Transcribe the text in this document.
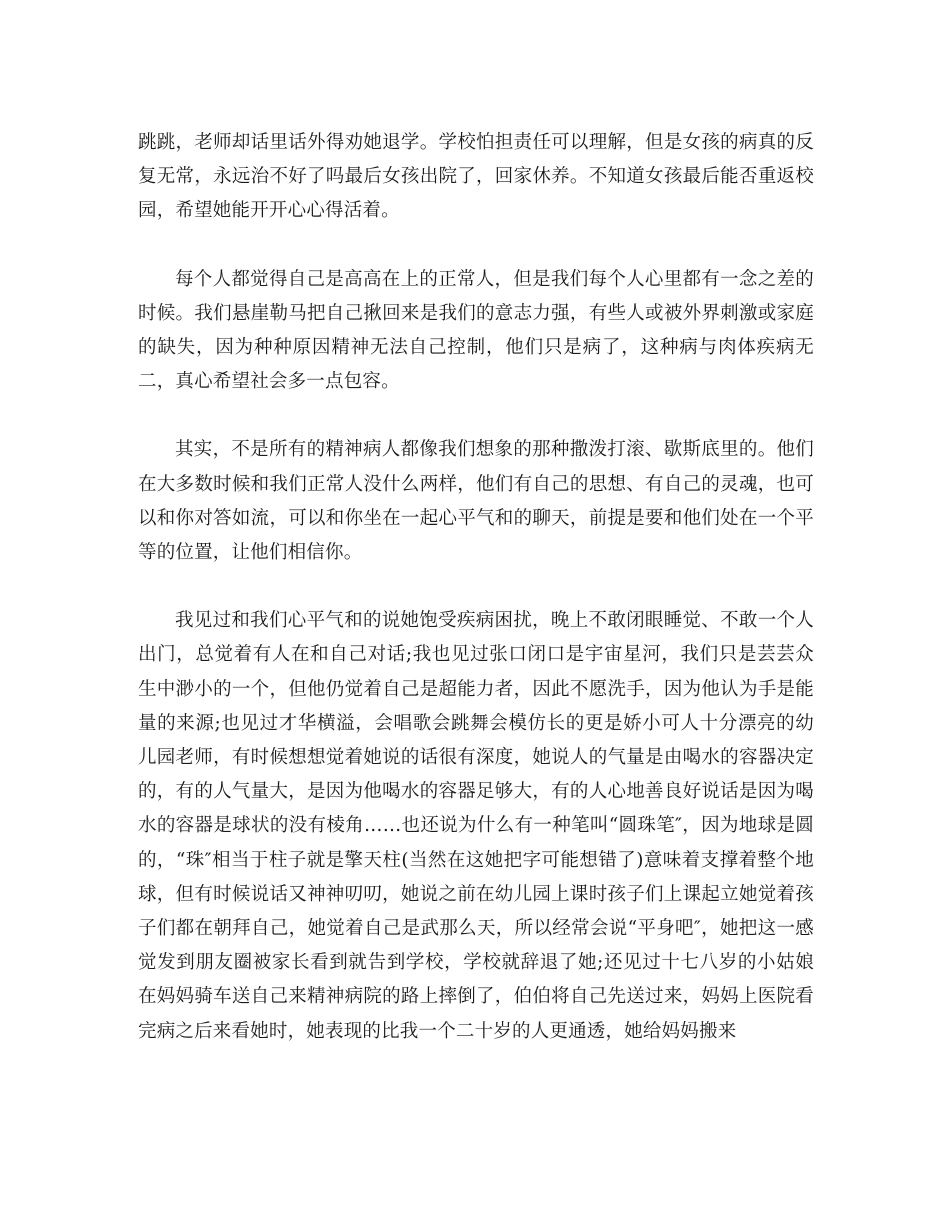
跳跳，老师却话里话外得劝她退学。学校怕担责任可以理解，但是女孩的病真的反复无常，永远治不好了吗最后女孩出院了，回家休养。不知道女孩最后能否重返校园，希望她能开开心心得活着。

每个人都觉得自己是高高在上的正常人，但是我们每个人心里都有一念之差的时候。我们悬崖勒马把自己揪回来是我们的意志力强，有些人或被外界刺激或家庭的缺失，因为种种原因精神无法自己控制，他们只是病了，这种病与肉体疾病无二，真心希望社会多一点包容。

其实，不是所有的精神病人都像我们想象的那种撒泼打滚、歇斯底里的。他们在大多数时候和我们正常人没什么两样，他们有自己的思想、有自己的灵魂，也可以和你对答如流，可以和你坐在一起心平气和的聊天，前提是要和他们处在一个平等的位置，让他们相信你。

我见过和我们心平气和的说她饱受疾病困扰，晚上不敢闭眼睡觉、不敢一个人出门，总觉着有人在和自己对话;我也见过张口闭口是宇宙星河，我们只是芸芸众生中渺小的一个，但他仍觉着自己是超能力者，因此不愿洗手，因为他认为手是能量的来源;也见过才华横溢，会唱歌会跳舞会模仿长的更是娇小可人十分漂亮的幼儿园老师，有时候想想觉着她说的话很有深度，她说人的气量是由喝水的容器决定的，有的人气量大，是因为他喝水的容器足够大，有的人心地善良好说话是因为喝水的容器是球状的没有棱角……也还说为什么有一种笔叫“圆珠笔″，因为地球是圆的，“珠″相当于柱子就是擎天柱(当然在这她把字可能想错了)意味着支撑着整个地球，但有时候说话又神神叨叨，她说之前在幼儿园上课时孩子们上课起立她觉着孩子们都在朝拜自己，她觉着自己是武那么天，所以经常会说“平身吧″，她把这一感觉发到朋友圈被家长看到就告到学校，学校就辞退了她;还见过十七八岁的小姑娘在妈妈骑车送自己来精神病院的路上摔倒了，伯伯将自己先送过来，妈妈上医院看完病之后来看她时，她表现的比我一个二十岁的人更通透，她给妈妈搬来
